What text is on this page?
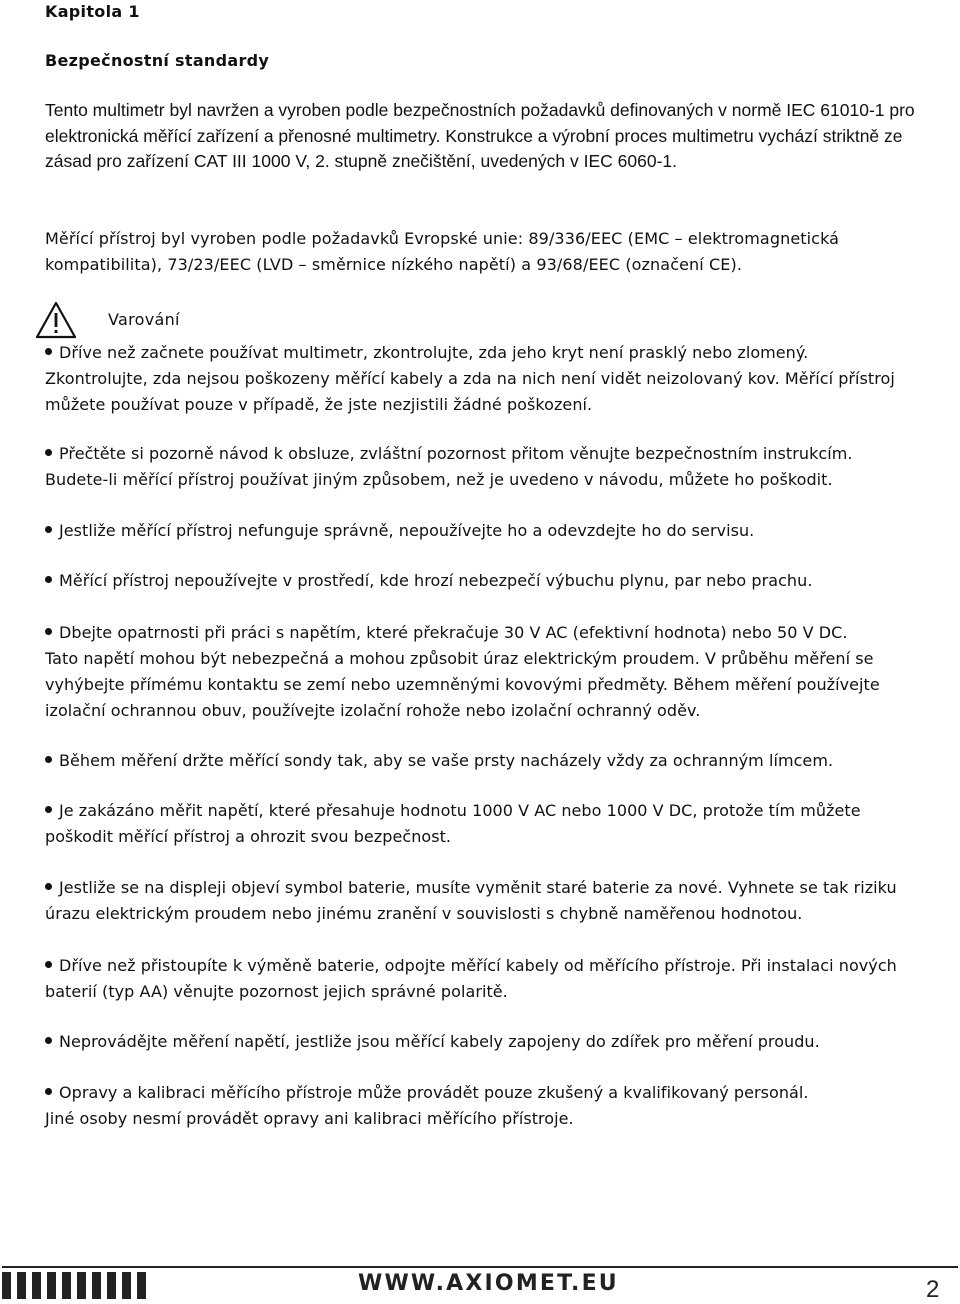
Kapitola 1
Bezpečnostní standardy
Tento multimetr byl navržen a vyroben podle bezpečnostních požadavků definovaných v normě IEC 61010-1 pro elektronická měřící zařízení a přenosné multimetry. Konstrukce a výrobní proces multimetru vychází striktně ze zásad pro zařízení CAT III 1000 V, 2. stupně znečištění, uvedených v IEC 6060-1.
Měřící přístroj byl vyroben podle požadavků Evropské unie: 89/336/EEC (EMC – elektromagnetická kompatibilita), 73/23/EEC (LVD – směrnice nízkého napětí) a 93/68/EEC (označení CE).
Varování
Dříve než začnete používat multimetr, zkontrolujte, zda jeho kryt není prasklý nebo zlomený.
Zkontrolujte, zda nejsou poškozeny měřící kabely a zda na nich není vidět neizolovaný kov. Měřící přístroj můžete používat pouze v případě, že jste nezjistili žádné poškození.
Přečtěte si pozorně návod k obsluze, zvláštní pozornost přitom věnujte bezpečnostním instrukcím.
Budete-li měřící přístroj používat jiným způsobem, než je uvedeno v návodu, můžete ho poškodit.
Jestliže měřící přístroj nefunguje správně, nepoužívejte ho a odevzdejte ho do servisu.
Měřící přístroj nepoužívejte v prostředí, kde hrozí nebezpečí výbuchu plynu, par nebo prachu.
Dbejte opatrnosti při práci s napětím, které překračuje 30 V AC (efektivní hodnota) nebo 50 V DC.
Tato napětí mohou být nebezpečná a mohou způsobit úraz elektrickým proudem. V průběhu měření se vyhýbejte přímému kontaktu se zemí nebo uzemněnými kovovými předměty. Během měření používejte izolační ochrannou obuv, používejte izolační rohože nebo izolační ochranný oděv.
Během měření držte měřící sondy tak, aby se vaše prsty nacházely vždy za ochranným límcem.
Je zakázáno měřit napětí, které přesahuje hodnotu 1000 V AC nebo 1000 V DC, protože tím můžete poškodit měřící přístroj a ohrozit svou bezpečnost.
Jestliže se na displeji objeví symbol baterie, musíte vyměnit staré baterie za nové. Vyhnete se tak riziku úrazu elektrickým proudem nebo jinému zranění v souvislosti s chybně naměřenou hodnotou.
Dříve než přistoupíte k výměně baterie, odpojte měřící kabely od měřícího přístroje. Při instalaci nových baterií (typ AA) věnujte pozornost jejich správné polaritě.
Neprovádějte měření napětí, jestliže jsou měřící kabely zapojeny do zdířek pro měření proudu.
Opravy a kalibraci měřícího přístroje může provádět pouze zkušený a kvalifikovaný personál.
Jiné osoby nesmí provádět opravy ani kalibraci měřícího přístroje.
WWW.AXIOMET.EU	2
